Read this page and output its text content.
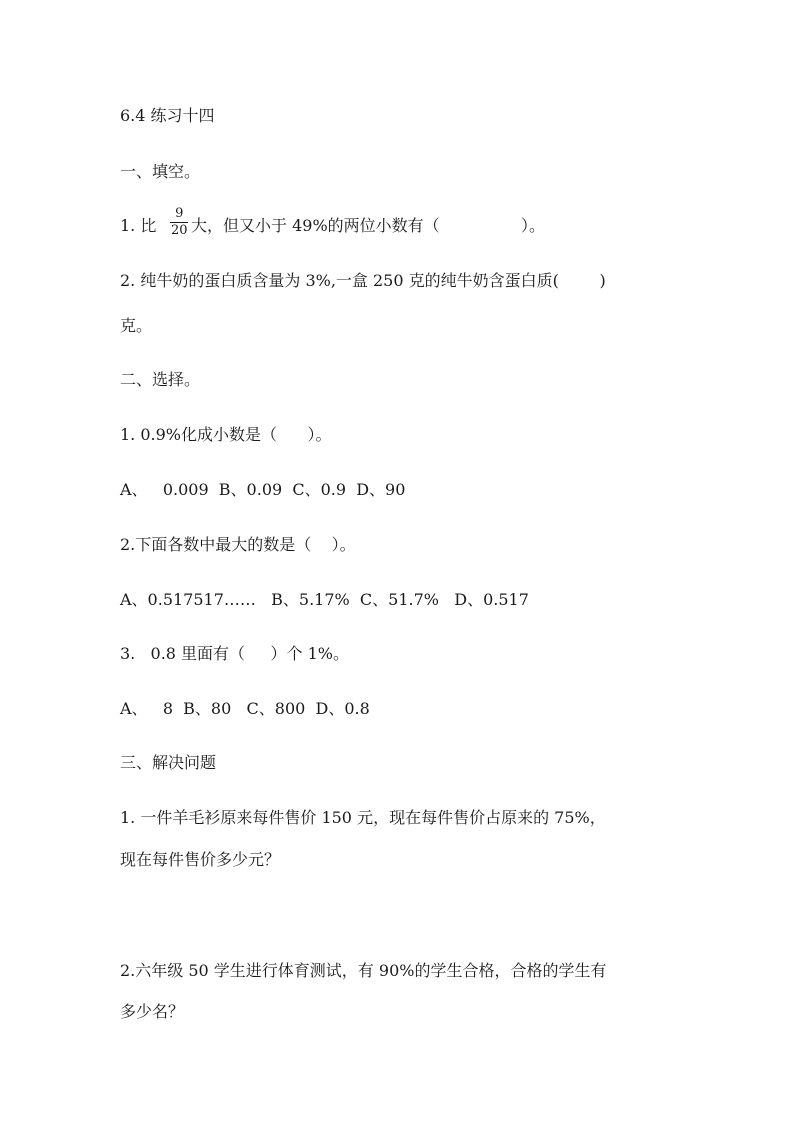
6.4 练习十四
一、填空。
1. 比
9
20 大，但又小于 49%的两位小数有（                ）。
2. 纯牛奶的蛋白质含量为 3%,一盒 250 克的纯牛奶含蛋白质(        )
克。
二、选择。
1. 0.9%化成小数是（      ）。
A、   0.009  B、0.09  C、0.9  D、90
2.下面各数中最大的数是（    ）。
A、0.517517……   B、5.17%  C、51.7%   D、0.517
3.   0.8 里面有（     ）个 1%。
A、   8  B、80   C、800  D、0.8
三、解决问题
1. 一件羊毛衫原来每件售价 150 元，现在每件售价占原来的 75%，
现在每件售价多少元？
2.六年级 50 学生进行体育测试，有 90%的学生合格，合格的学生有
多少名？
